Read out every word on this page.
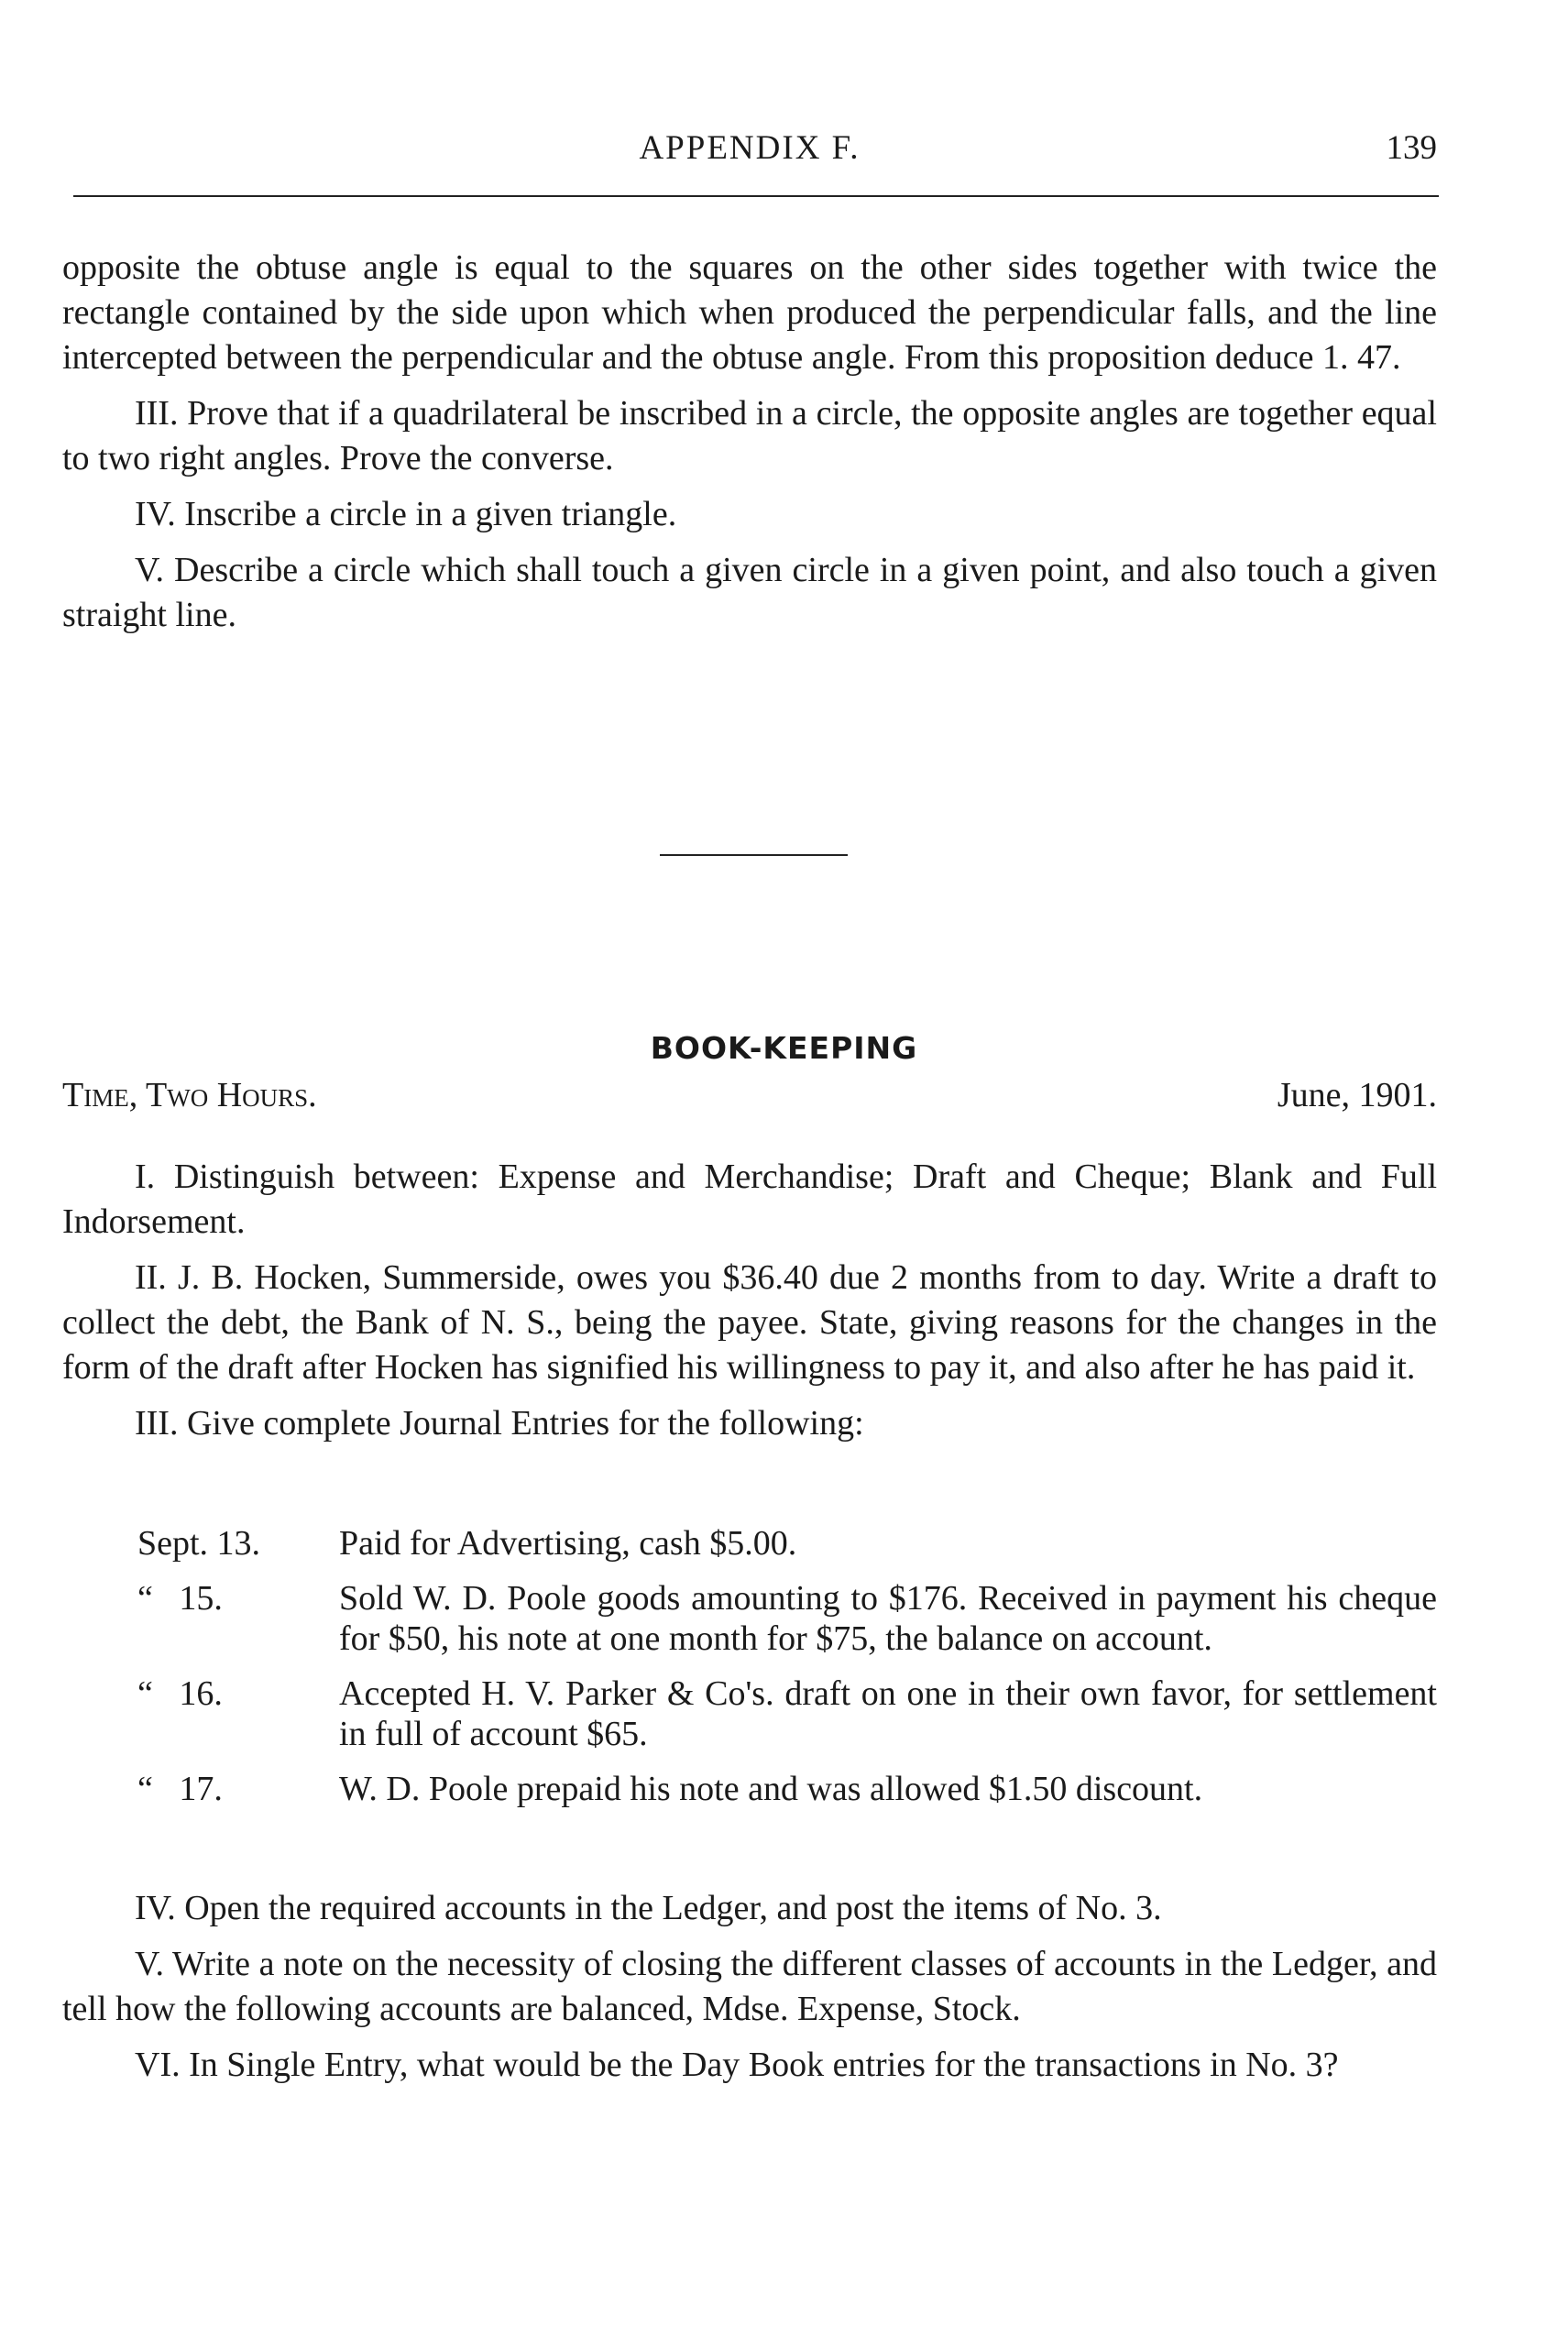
APPENDIX F.	139

opposite the obtuse angle is equal to the squares on the other sides together with twice the rectangle contained by the side upon which when produced the perpendicular falls, and the line intercepted between the perpendicular and the obtuse angle. From this proposition deduce 1. 47.

III. Prove that if a quadrilateral be inscribed in a circle, the opposite angles are together equal to two right angles. Prove the converse.

IV. Inscribe a circle in a given triangle.

V. Describe a circle which shall touch a given circle in a given point, and also touch a given straight line.

BOOK-KEEPING
Time, Two Hours.	June, 1901.

I. Distinguish between: Expense and Merchandise; Draft and Cheque; Blank and Full Indorsement.

II. J. B. Hocken, Summerside, owes you $36.40 due 2 months from to day. Write a draft to collect the debt, the Bank of N. S., being the payee. State, giving reasons for the changes in the form of the draft after Hocken has signified his willingness to pay it, and also after he has paid it.

III. Give complete Journal Entries for the following:

Sept. 13.	Paid for Advertising, cash $5.00.
“   15.	Sold W. D. Poole goods amounting to $176. Received in payment his cheque for $50, his note at one month for $75, the balance on account.
“   16.	Accepted H. V. Parker & Co's. draft on one in their own favor, for settlement in full of account $65.
“   17.	W. D. Poole prepaid his note and was allowed $1.50 discount.

IV. Open the required accounts in the Ledger, and post the items of No. 3.

V. Write a note on the necessity of closing the different classes of accounts in the Ledger, and tell how the following accounts are balanced, Mdse. Expense, Stock.

VI. In Single Entry, what would be the Day Book entries for the transactions in No. 3?
